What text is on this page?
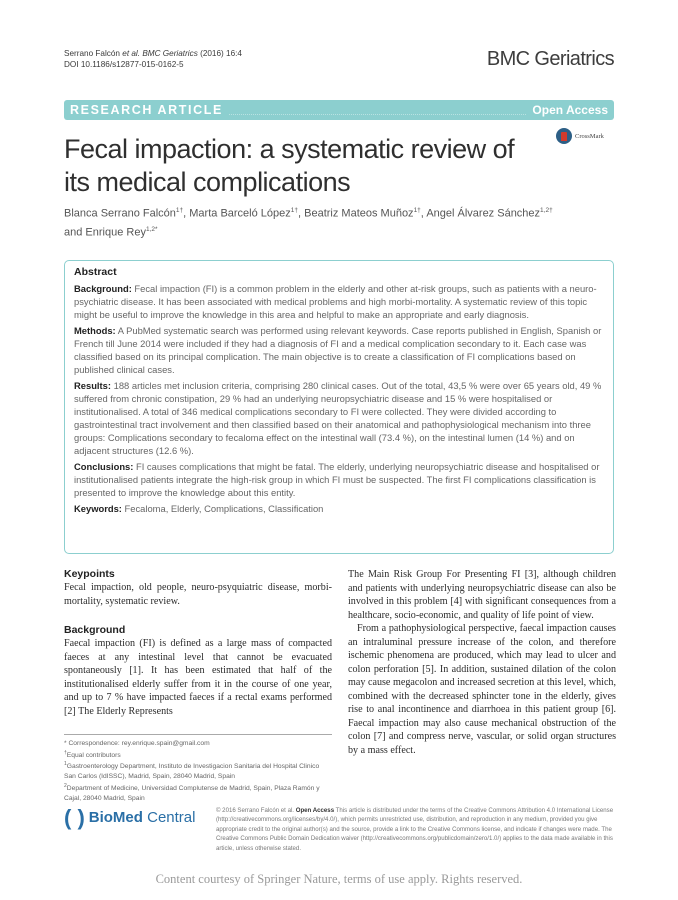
Serrano Falcón et al. BMC Geriatrics (2016) 16:4
DOI 10.1186/s12877-015-0162-5	BMC Geriatrics
RESEARCH ARTICLE	Open Access
CrossMark
Fecal impaction: a systematic review of its medical complications
Blanca Serrano Falcón$^{1\dagger}$, Marta Barceló López$^{1\dagger}$, Beatriz Mateos Muñoz$^{1\dagger}$, Angel Álvarez Sánchez$^{1,2\dagger}$
and Enrique Rey$^{1,2*}$
Abstract

Background: Fecal impaction (FI) is a common problem in the elderly and other at-risk groups, such as patients with a neuro-psychiatric disease. It has been associated with medical problems and high morbi-mortality. A systematic review of this topic might be useful to improve the knowledge in this area and helpful to make an appropriate and early diagnosis.

Methods: A PubMed systematic search was performed using relevant keywords. Case reports published in English, Spanish or French till June 2014 were included if they had a diagnosis of FI and a medical complication secondary to it. Each case was classified based on its principal complication. The main objective is to create a classification of FI complications based on published clinical cases.

Results: 188 articles met inclusion criteria, comprising 280 clinical cases. Out of the total, 43,5 % were over 65 years old, 49 % suffered from chronic constipation, 29 % had an underlying neuropsychiatric disease and 15 % were hospitalised or institutionalised. A total of 346 medical complications secondary to FI were collected. They were divided according to gastrointestinal tract involvement and then classified based on their anatomical and pathophysiological mechanism into three groups: Complications secondary to fecaloma effect on the intestinal wall (73.4 %), on the intestinal lumen (14 %) and on adjacent structures (12.6 %).

Conclusions: FI causes complications that might be fatal. The elderly, underlying neuropsychiatric disease and hospitalised or institutionalised patients integrate the high-risk group in which FI must be suspected. The first FI complications classification is presented to improve the knowledge about this entity.

Keywords: Fecaloma, Elderly, Complications, Classification

Keypoints

Fecal impaction, old people, neuro-psyquiatric disease, morbi-mortality, systematic review.

Background

Faecal impaction (FI) is defined as a large mass of compacted faeces at any intestinal level that cannot be evacuated spontaneously [1]. It has been estimated that half of the institutionalised elderly suffer from it in the course of one year, and up to 7 % have impacted faeces if a rectal exams performed [2] The Elderly Represents

The Main Risk Group For Presenting FI [3], although children and patients with underlying neuropsychiatric disease can also be involved in this problem [4] with significant consequences from a healthcare, socio-economic, and quality of life point of view.

From a pathophysiological perspective, faecal impaction causes an intraluminal pressure increase of the colon, and therefore ischemic phenomena are produced, which may lead to ulcer and colon perforation [5]. In addition, sustained dilation of the colon may cause megacolon and increased secretion at this level, which, combined with the decreased sphincter tone in the elderly, gives rise to anal incontinence and diarrhoea in this patient group [6]. Faecal impaction may also cause mechanical obstruction of the colon [7] and compress nerve, vascular, or solid organ structures by a mass effect.

* Correspondence: rey.enrique.spain@gmail.com
†Equal contributors
$^1$Gastroenterology Department, Instituto de Investigacion Sanitaria del Hospital Clinico San Carlos (IdISSC), Madrid, Spain, 28040 Madrid, Spain
$^2$Department of Medicine, Universidad Complutense de Madrid, Spain, Plaza Ramón y Cajal, 28040 Madrid, Spain
( ) BioMed Central	© 2016 Serrano Falcón et al. Open Access This article is distributed under the terms of the Creative Commons Attribution 4.0 International License (http://creativecommons.org/licenses/by/4.0/), which permits unrestricted use, distribution, and reproduction in any medium, provided you give appropriate credit to the original author(s) and the source, provide a link to the Creative Commons license, and indicate if changes were made. The Creative Commons Public Domain Dedication waiver (http://creativecommons.org/publicdomain/zero/1.0/) applies to the data made available in this article, unless otherwise stated.
Content courtesy of Springer Nature, terms of use apply. Rights reserved.
